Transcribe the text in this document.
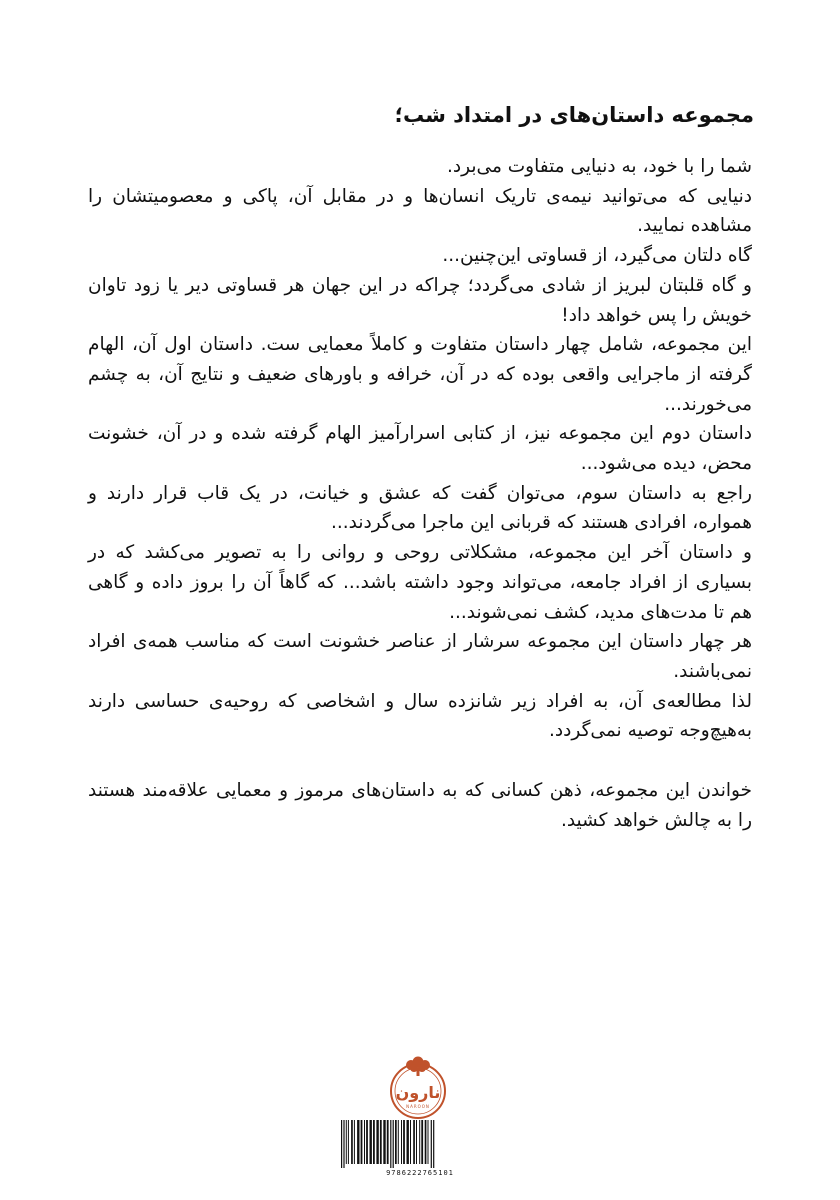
مجموعه داستان‌های در امتداد شب؛

شما را با خود، به دنیایی متفاوت می‌برد.

دنیایی که می‌توانید نیمه‌ی تاریک انسان‌ها و در مقابل آن، پاکی و معصومیتشان را مشاهده نمایید.

گاه دلتان می‌گیرد، از قساوتی این‌چنین...

و گاه قلبتان لبریز از شادی می‌گردد؛ چراکه در این جهان هر قساوتی دیر یا زود تاوان خویش را پس خواهد داد!

این مجموعه، شامل چهار داستان متفاوت و کاملاً معمایی ست. داستان اول آن، الهام گرفته از ماجرایی واقعی بوده که در آن، خرافه و باورهای ضعیف و نتایج آن، به چشم می‌خورند...

داستان دوم این مجموعه نیز، از کتابی اسرارآمیز الهام گرفته شده و در آن، خشونت محض، دیده می‌شود...

راجع به داستان سوم، می‌توان گفت که عشق و خیانت، در یک قاب قرار دارند و همواره، افرادی هستند که قربانی این ماجرا می‌گردند...

و داستان آخر این مجموعه، مشکلاتی روحی و روانی را به تصویر می‌کشد که در بسیاری از افراد جامعه، می‌تواند وجود داشته باشد... که گاهاً آن را بروز داده و گاهی هم تا مدت‌های مدید، کشف نمی‌شوند...

هر چهار داستان این مجموعه سرشار از عناصر خشونت است که مناسب همه‌ی افراد نمی‌باشند.

لذا مطالعه‌ی آن، به افراد زیر شانزده سال و اشخاصی که روحیه‌ی حساسی دارند به‌هیچ‌وجه توصیه نمی‌گردد.

خواندن این مجموعه، ذهن کسانی که به داستان‌های مرموز و معمایی علاقه‌مند هستند را به چالش خواهد کشید.

نارون
NAROON
9786222765101
